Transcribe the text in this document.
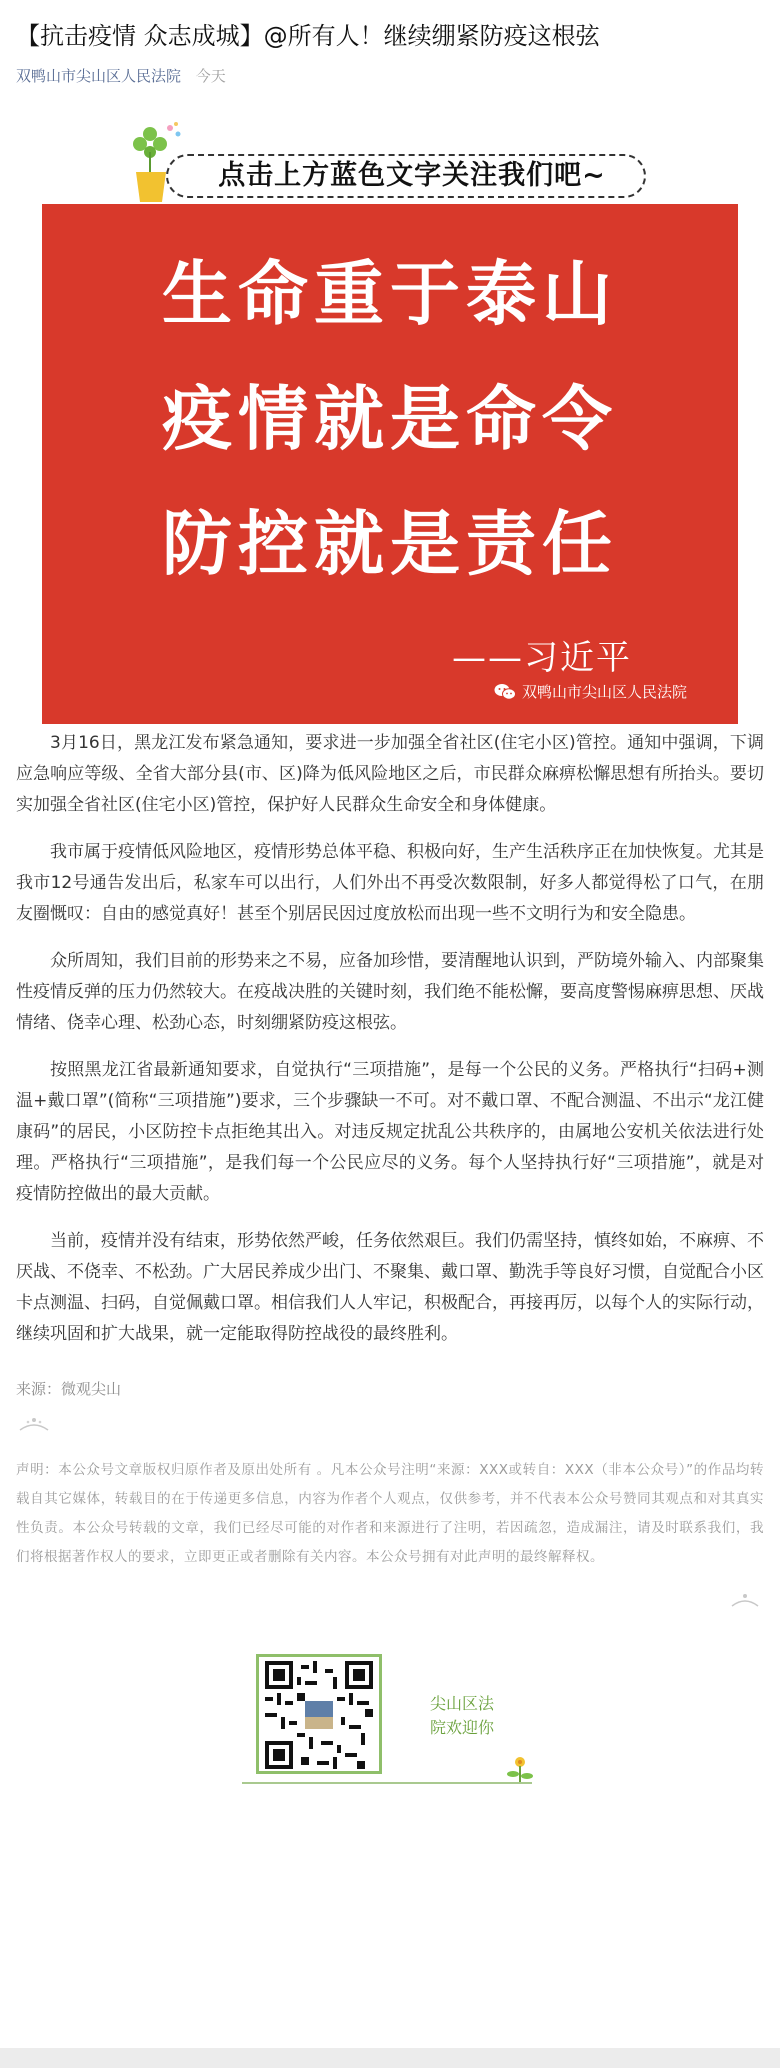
【抗击疫情 众志成城】@所有人！继续绷紧防疫这根弦
双鸭山市尖山区人民法院 今天
点击上方蓝色文字关注我们吧~
生命重于泰山
疫情就是命令
防控就是责任
——习近平
双鸭山市尖山区人民法院

3月16日，黑龙江发布紧急通知，要求进一步加强全省社区(住宅小区)管控。通知中强调，下调应急响应等级、全省大部分县(市、区)降为低风险地区之后，市民群众麻痹松懈思想有所抬头。要切实加强全省社区(住宅小区)管控，保护好人民群众生命安全和身体健康。

我市属于疫情低风险地区，疫情形势总体平稳、积极向好，生产生活秩序正在加快恢复。尤其是我市12号通告发出后，私家车可以出行，人们外出不再受次数限制，好多人都觉得松了口气，在朋友圈慨叹：自由的感觉真好！甚至个别居民因过度放松而出现一些不文明行为和安全隐患。

众所周知，我们目前的形势来之不易，应备加珍惜，要清醒地认识到，严防境外输入、内部聚集性疫情反弹的压力仍然较大。在疫战决胜的关键时刻，我们绝不能松懈，要高度警惕麻痹思想、厌战情绪、侥幸心理、松劲心态，时刻绷紧防疫这根弦。

按照黑龙江省最新通知要求，自觉执行“三项措施”，是每一个公民的义务。严格执行“扫码+测温+戴口罩”(简称“三项措施”)要求，三个步骤缺一不可。对不戴口罩、不配合测温、不出示“龙江健康码”的居民，小区防控卡点拒绝其出入。对违反规定扰乱公共秩序的，由属地公安机关依法进行处理。严格执行“三项措施”，是我们每一个公民应尽的义务。每个人坚持执行好“三项措施”，就是对疫情防控做出的最大贡献。

当前，疫情并没有结束，形势依然严峻，任务依然艰巨。我们仍需坚持，慎终如始，不麻痹、不厌战、不侥幸、不松劲。广大居民养成少出门、不聚集、戴口罩、勤洗手等良好习惯，自觉配合小区卡点测温、扫码，自觉佩戴口罩。相信我们人人牢记，积极配合，再接再厉，以每个人的实际行动，继续巩固和扩大战果，就一定能取得防控战役的最终胜利。

来源：微观尖山
声明：本公众号文章版权归原作者及原出处所有 。凡本公众号注明“来源：XXX或转自：XXX（非本公众号）”的作品均转载自其它媒体，转载目的在于传递更多信息，内容为作者个人观点，仅供参考，并不代表本公众号赞同其观点和对其真实性负责。本公众号转载的文章，我们已经尽可能的对作者和来源进行了注明，若因疏忽，造成漏注，请及时联系我们，我们将根据著作权人的要求，立即更正或者删除有关内容。本公众号拥有对此声明的最终解释权。
尖山区法
院欢迎你
